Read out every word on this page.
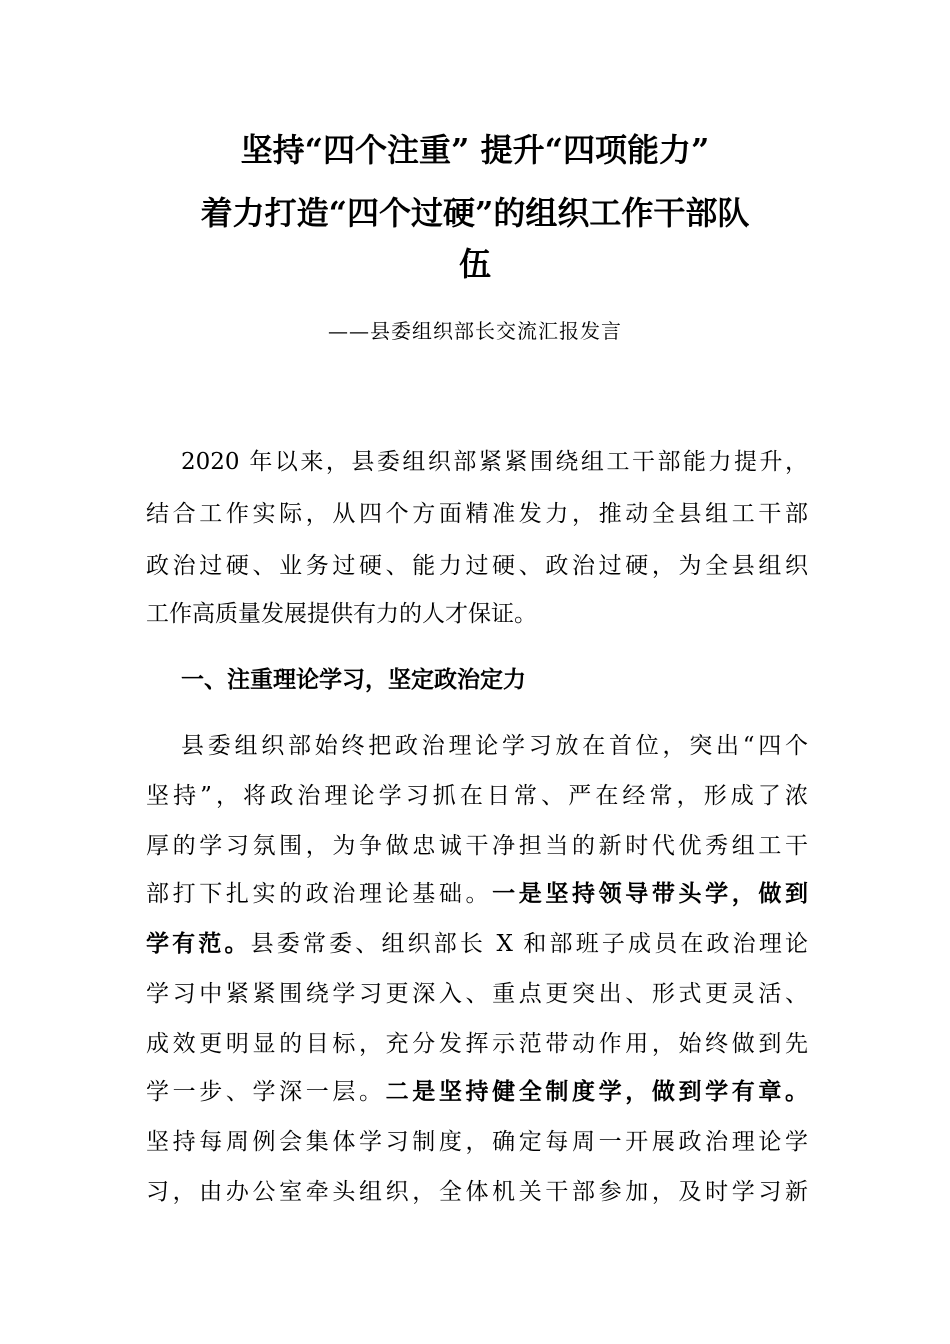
坚持“四个注重” 提升“四项能力”
着力打造“四个过硬”的组织工作干部队
伍
——县委组织部长交流汇报发言
2020 年以来，县委组织部紧紧围绕组工干部能力提升，
结合工作实际，从四个方面精准发力，推动全县组工干部
政治过硬、业务过硬、能力过硬、政治过硬，为全县组织
工作高质量发展提供有力的人才保证。
一、注重理论学习，坚定政治定力
县委组织部始终把政治理论学习放在首位，突出“四个
坚持”，将政治理论学习抓在日常、严在经常，形成了浓
厚的学习氛围，为争做忠诚干净担当的新时代优秀组工干
部打下扎实的政治理论基础。一是坚持领导带头学，做到
学有范。县委常委、组织部长 X 和部班子成员在政治理论
学习中紧紧围绕学习更深入、重点更突出、形式更灵活、
成效更明显的目标，充分发挥示范带动作用，始终做到先
学一步、学深一层。二是坚持健全制度学，做到学有章。
坚持每周例会集体学习制度，确定每周一开展政治理论学
习，由办公室牵头组织，全体机关干部参加，及时学习新
